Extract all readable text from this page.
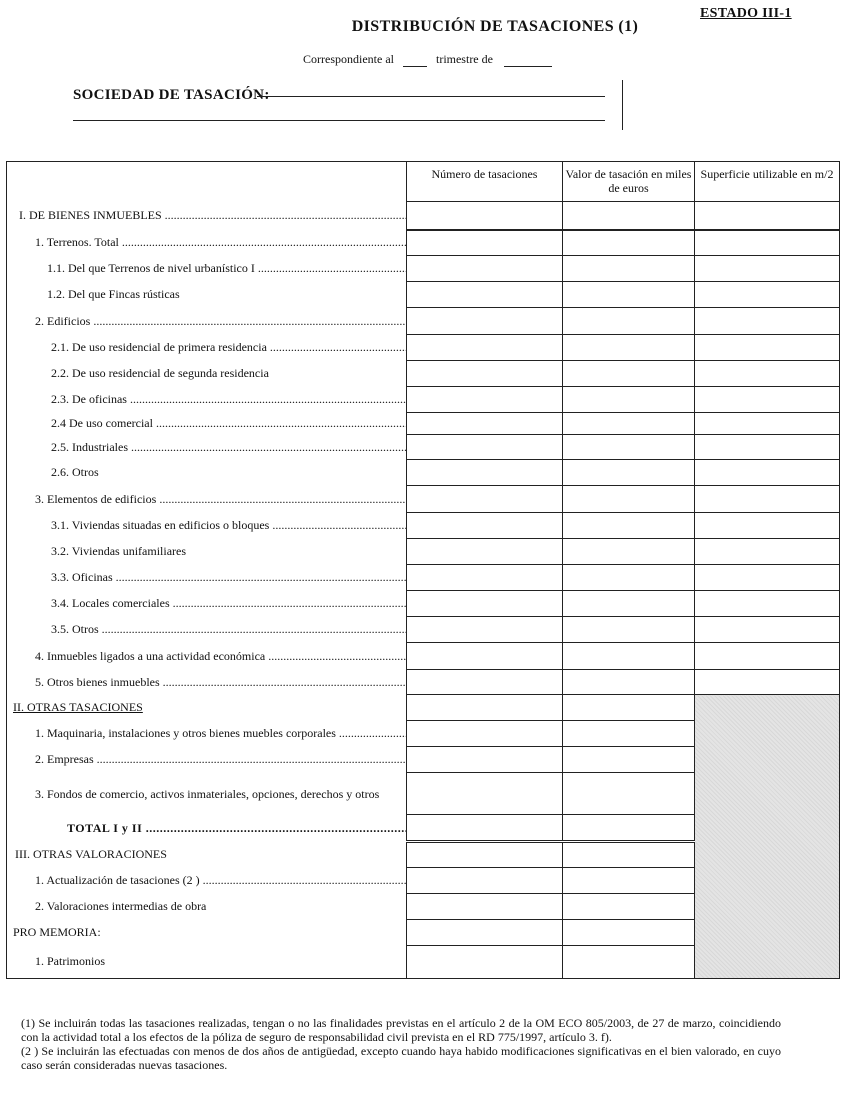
ESTADO III-1
DISTRIBUCIÓN DE TASACIONES (1)
Correspondiente al	trimestre de
SOCIEDAD DE TASACIÓN:
	Número de tasaciones	Valor de tasación en miles de euros	Superficie utilizable en m/2
I. DE BIENES INMUEBLES .....			
1. Terrenos. Total .....			
1.1. Del que Terrenos de nivel urbanístico I .....			
1.2. Del que Fincas rústicas			
2. Edificios .....			
2.1. De uso residencial de primera residencia .....			
2.2. De uso residencial de segunda residencia			
2.3. De oficinas .....			
2.4 De uso comercial .....			
2.5. Industriales .....			
2.6. Otros			
3. Elementos de edificios .....			
3.1. Viviendas situadas en edificios o bloques .....			
3.2. Viviendas unifamiliares			
3.3. Oficinas .....			
3.4. Locales comerciales .....			
3.5. Otros .....			
4. Inmuebles ligados a una actividad económica .....			
5. Otros bienes inmuebles .....			
II. OTRAS TASACIONES			
1. Maquinaria, instalaciones y otros bienes muebles corporales .....		
2. Empresas .....		
3. Fondos de comercio, activos inmateriales, opciones, derechos y otros			
TOTAL I y II .....		
III. OTRAS VALORACIONES			
1. Actualización de tasaciones (2 ) .....		
2. Valoraciones intermedias de obra			
PRO MEMORIA:			
1. Patrimonios			

(1) Se incluirán todas las tasaciones realizadas, tengan o no las finalidades previstas en el artículo 2 de la OM ECO 805/2003, de 27 de marzo, coincidiendo con la actividad total a los efectos de la póliza de seguro de responsabilidad civil prevista en el RD 775/1997, artículo 3. f).

(2 ) Se incluirán las efectuadas con menos de dos años de antigüedad, excepto cuando haya habido modificaciones significativas en el bien valorado, en cuyo caso serán consideradas nuevas tasaciones.
